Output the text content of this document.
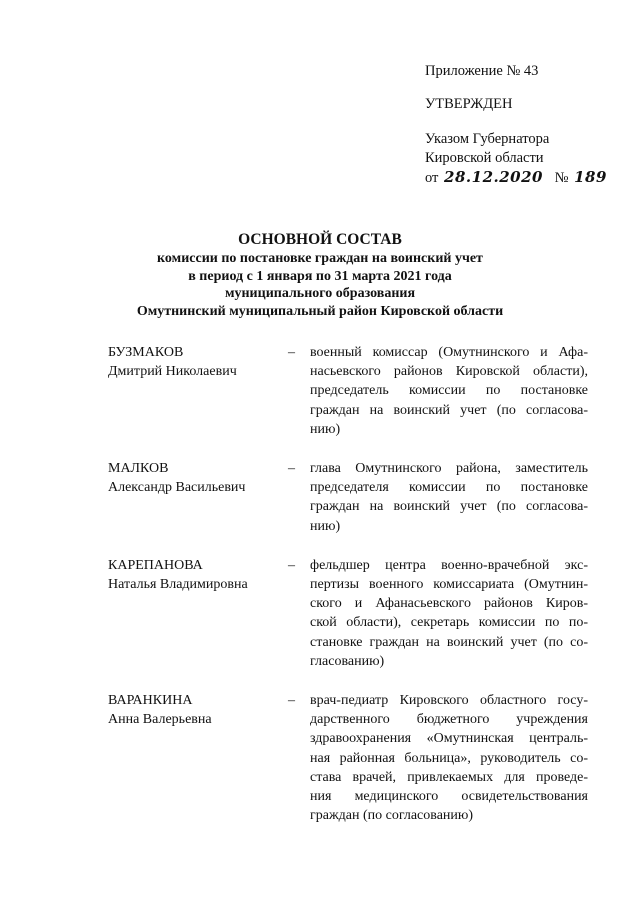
Приложение № 43
УТВЕРЖДЕН
Указом Губернатора
Кировской области
от 28.12.2020 № 189
ОСНОВНОЙ СОСТАВ
комиссии по постановке граждан на воинский учет
в период с 1 января по 31 марта 2021 года
муниципального образования
Омутнинский муниципальный район Кировской области
БУЗМАКОВ
Дмитрий Николаевич
–	военный комиссар (Омутнинского и Афа-
насьевского районов Кировской области),
председатель комиссии по постановке
граждан на воинский учет (по согласова-
нию)
МАЛКОВ
Александр Васильевич
–	глава Омутнинского района, заместитель
председателя комиссии по постановке
граждан на воинский учет (по согласова-
нию)
КАРЕПАНОВА
Наталья Владимировна
–	фельдшер центра военно-врачебной экс-
пертизы военного комиссариата (Омутнин-
ского и Афанасьевского районов Киров-
ской области), секретарь комиссии по по-
становке граждан на воинский учет (по со-
гласованию)
ВАРАНКИНА
Анна Валерьевна
–	врач-педиатр Кировского областного госу-
дарственного бюджетного учреждения
здравоохранения «Омутнинская централь-
ная районная больница», руководитель со-
става врачей, привлекаемых для проведе-
ния медицинского освидетельствования
граждан (по согласованию)
